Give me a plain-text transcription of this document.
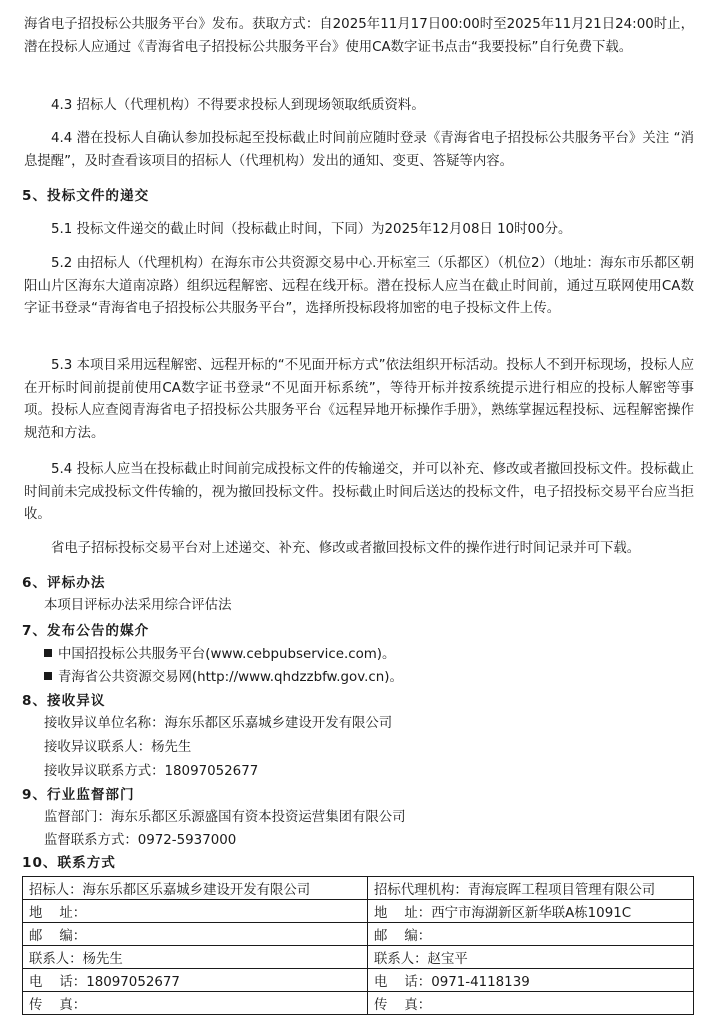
海省电子招投标公共服务平台》发布。获取方式：自2025年11月17日00:00时至2025年11月21日24:00时止，潜在投标人应通过《青海省电子招投标公共服务平台》使用CA数字证书点击“我要投标”自行免费下载。

4.3 招标人（代理机构）不得要求投标人到现场领取纸质资料。

4.4 潜在投标人自确认参加投标起至投标截止时间前应随时登录《青海省电子招投标公共服务平台》关注 “消息提醒”，及时查看该项目的招标人（代理机构）发出的通知、变更、答疑等内容。

5、投标文件的递交

5.1 投标文件递交的截止时间（投标截止时间，下同）为2025年12月08日 10时00分。

5.2 由招标人（代理机构）在海东市公共资源交易中心.开标室三（乐都区）（机位2）（地址：海东市乐都区朝阳山片区海东大道南凉路）组织远程解密、远程在线开标。潜在投标人应当在截止时间前，通过互联网使用CA数字证书登录“青海省电子招投标公共服务平台”，选择所投标段将加密的电子投标文件上传。

5.3 本项目采用远程解密、远程开标的“不见面开标方式”依法组织开标活动。投标人不到开标现场，投标人应在开标时间前提前使用CA数字证书登录“不见面开标系统”，等待开标并按系统提示进行相应的投标人解密等事项。投标人应查阅青海省电子招投标公共服务平台《远程异地开标操作手册》，熟练掌握远程投标、远程解密操作规范和方法。

5.4 投标人应当在投标截止时间前完成投标文件的传输递交，并可以补充、修改或者撤回投标文件。投标截止时间前未完成投标文件传输的，视为撤回投标文件。投标截止时间后送达的投标文件，电子招投标交易平台应当拒收。

省电子招标投标交易平台对上述递交、补充、修改或者撤回投标文件的操作进行时间记录并可下载。

6、评标办法
本项目评标办法采用综合评估法
7、发布公告的媒介
中国招投标公共服务平台(www.cebpubservice.com)。
青海省公共资源交易网(http://www.qhdzzbfw.gov.cn)。
8、接收异议
接收异议单位名称：海东乐都区乐嘉城乡建设开发有限公司
接收异议联系人：杨先生
接收异议联系方式：18097052677
9、行业监督部门
监督部门：海东乐都区乐源盛国有资本投资运营集团有限公司
监督联系方式：0972-5937000
10、联系方式
招标人：海东乐都区乐嘉城乡建设开发有限公司	招标代理机构：青海宸晖工程项目管理有限公司
地    址：	地    址：西宁市海湖新区新华联A栋1091C
邮    编：	邮    编：
联系人：杨先生	联系人：赵宝平
电    话：18097052677	电    话：0971-4118139
传    真：	传    真：
